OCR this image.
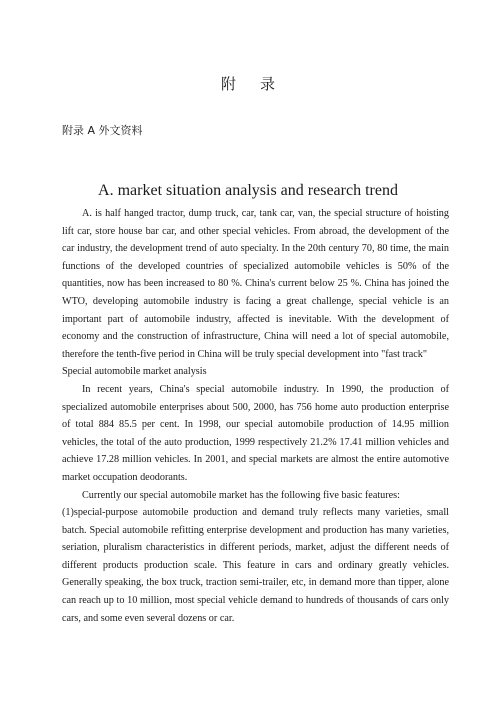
附录
附录 A 外文资料
A. market situation analysis and research trend

A. is half hanged tractor, dump truck, car, tank car, van, the special structure of hoisting lift car, store house bar car, and other special vehicles. From abroad, the development of the car industry, the development trend of auto specialty. In the 20th century 70, 80 time, the main functions of the developed countries of specialized automobile vehicles is 50% of the quantities, now has been increased to 80 %. China's current below 25 %. China has joined the WTO, developing automobile industry is facing a great challenge, special vehicle is an important part of automobile industry, affected is inevitable. With the development of economy and the construction of infrastructure, China will need a lot of special automobile, therefore the tenth-five period in China will be truly special development into "fast track"

Special automobile market analysis

In recent years, China's special automobile industry. In 1990, the production of specialized automobile enterprises about 500, 2000, has 756 home auto production enterprise of total 884 85.5 per cent. In 1998, our special automobile production of 14.95 million vehicles, the total of the auto production, 1999 respectively 21.2% 17.41 million vehicles and achieve 17.28 million vehicles. In 2001, and special markets are almost the entire automotive market occupation deodorants.

Currently our special automobile market has the following five basic features:

(1)special-purpose automobile production and demand truly reflects many varieties, small batch. Special automobile refitting enterprise development and production has many varieties, seriation, pluralism characteristics in different periods, market, adjust the different needs of different products production scale. This feature in cars and ordinary greatly vehicles. Generally speaking, the box truck, traction semi-trailer, etc, in demand more than tipper, alone can reach up to 10 million, most special vehicle demand to hundreds of thousands of cars only cars, and some even several dozens or car.
